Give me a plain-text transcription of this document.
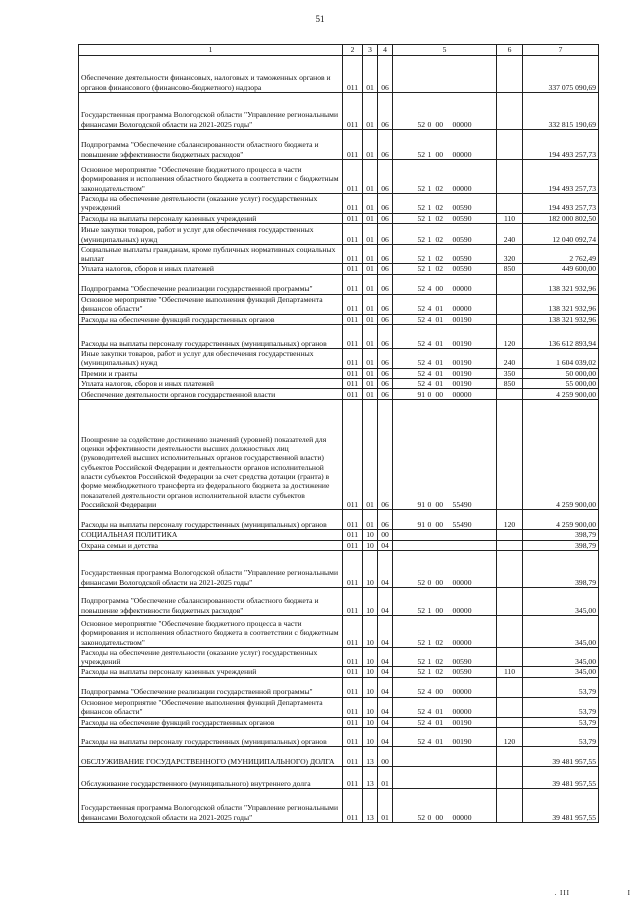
51
1	2	3	4	5	6	7
Обеспечение деятельности финансовых, налоговых и таможенных органов и органов финансового (финансово-бюджетного) надзора	011	01	06			337 075 090,69
Государственная программа Вологодской области "Управление региональными финансами Вологодской области на 2021-2025 годы"	011	01	06	52 0 00 00000		332 815 190,69
Подпрограмма "Обеспечение сбалансированности областного бюджета и повышение эффективности бюджетных расходов"	011	01	06	52 1 00 00000		194 493 257,73
Основное мероприятие "Обеспечение бюджетного процесса в части формирования и исполнения областного бюджета в соответствии с бюджетным законодательством"	011	01	06	52 1 02 00000		194 493 257,73
Расходы на обеспечение деятельности (оказание услуг) государственных учреждений	011	01	06	52 1 02 00590		194 493 257,73
Расходы на выплаты персоналу казенных учреждений	011	01	06	52 1 02 00590	110	182 000 802,50
Иные закупки товаров, работ и услуг для обеспечения государственных (муниципальных) нужд	011	01	06	52 1 02 00590	240	12 040 092,74
Социальные выплаты гражданам, кроме публичных нормативных социальных выплат	011	01	06	52 1 02 00590	320	2 762,49
Уплата налогов, сборов и иных платежей	011	01	06	52 1 02 00590	850	449 600,00
Подпрограмма "Обеспечение реализации государственной программы"	011	01	06	52 4 00 00000		138 321 932,96
Основное мероприятие "Обеспечение выполнения функций Департамента финансов области"	011	01	06	52 4 01 00000		138 321 932,96
Расходы на обеспечение функций государственных органов	011	01	06	52 4 01 00190		138 321 932,96
Расходы на выплаты персоналу государственных (муниципальных) органов	011	01	06	52 4 01 00190	120	136 612 893,94
Иные закупки товаров, работ и услуг для обеспечения государственных (муниципальных) нужд	011	01	06	52 4 01 00190	240	1 604 039,02
Премии и гранты	011	01	06	52 4 01 00190	350	50 000,00
Уплата налогов, сборов и иных платежей	011	01	06	52 4 01 00190	850	55 000,00
Обеспечение деятельности органов государственной власти	011	01	06	91 0 00 00000		4 259 900,00
Поощрение за содействие достижению значений (уровней) показателей для оценки эффективности деятельности высших должностных лиц (руководителей высших исполнительных органов государственной власти) субъектов Российской Федерации и деятельности органов исполнительной власти субъектов Российской Федерации за счет средства дотации (гранта) в форме межбюджетного трансферта из федерального бюджета за достижение показателей деятельности органов исполнительной власти субъектов Российской Федерации	011	01	06	91 0 00 55490		4 259 900,00
Расходы на выплаты персоналу государственных (муниципальных) органов	011	01	06	91 0 00 55490	120	4 259 900,00
СОЦИАЛЬНАЯ ПОЛИТИКА	011	10	00			398,79
Охрана семьи и детства	011	10	04			398,79
Государственная программа Вологодской области "Управление региональными финансами Вологодской области на 2021-2025 годы"	011	10	04	52 0 00 00000		398,79
Подпрограмма "Обеспечение сбалансированности областного бюджета и повышение эффективности бюджетных расходов"	011	10	04	52 1 00 00000		345,00
Основное мероприятие "Обеспечение бюджетного процесса в части формирования и исполнения областного бюджета в соответствии с бюджетным законодательством"	011	10	04	52 1 02 00000		345,00
Расходы на обеспечение деятельности (оказание услуг) государственных учреждений	011	10	04	52 1 02 00590		345,00
Расходы на выплаты персоналу казенных учреждений	011	10	04	52 1 02 00590	110	345,00
Подпрограмма "Обеспечение реализации государственной программы"	011	10	04	52 4 00 00000		53,79
Основное мероприятие "Обеспечение выполнения функций Департамента финансов области"	011	10	04	52 4 01 00000		53,79
Расходы на обеспечение функций государственных органов	011	10	04	52 4 01 00190		53,79
Расходы на выплаты персоналу государственных (муниципальных) органов	011	10	04	52 4 01 00190	120	53,79
ОБСЛУЖИВАНИЕ ГОСУДАРСТВЕННОГО (МУНИЦИПАЛЬНОГО) ДОЛГА	011	13	00			39 481 957,55
Обслуживание государственного (муниципального) внутреннего долга	011	13	01			39 481 957,55
Государственная программа Вологодской области "Управление региональными финансами Вологодской области на 2021-2025 годы"	011	13	01	52 0 00 00000		39 481 957,55
. III	I
